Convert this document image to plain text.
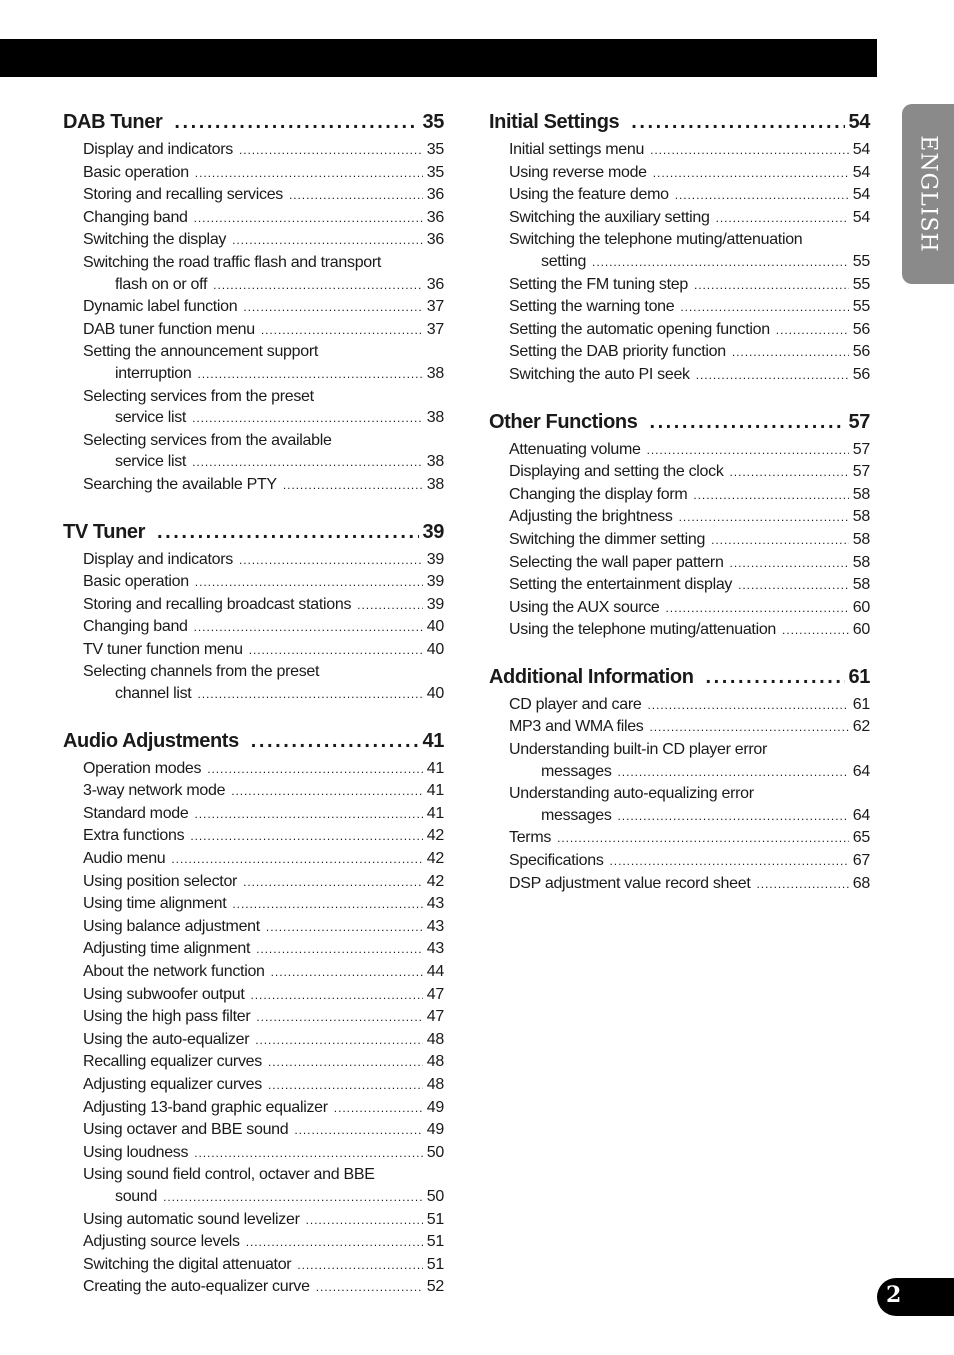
ENGLISH
DAB Tuner . . .	35
Display and indicators . . .	35
Basic operation . . .	35
Storing and recalling services . . .	36
Changing band . . .	36
Switching the display . . .	36
Switching the road traffic flash and transport
flash on or off . . .	36
Dynamic label function . . .	37
DAB tuner function menu . . .	37
Setting the announcement support
interruption . . .	38
Selecting services from the preset
service list . . .	38
Selecting services from the available
service list . . .	38
Searching the available PTY . . .	38
TV Tuner . . .	39
Display and indicators . . .	39
Basic operation . . .	39
Storing and recalling broadcast stations . . .	39
Changing band . . .	40
TV tuner function menu . . .	40
Selecting channels from the preset
channel list . . .	40
Audio Adjustments . . .	41
Operation modes . . .	41
3-way network mode . . .	41
Standard mode . . .	41
Extra functions . . .	42
Audio menu . . .	42
Using position selector . . .	42
Using time alignment . . .	43
Using balance adjustment . . .	43
Adjusting time alignment . . .	43
About the network function . . .	44
Using subwoofer output . . .	47
Using the high pass filter . . .	47
Using the auto-equalizer . . .	48
Recalling equalizer curves . . .	48
Adjusting equalizer curves . . .	48
Adjusting 13-band graphic equalizer . . .	49
Using octaver and BBE sound . . .	49
Using loudness . . .	50
Using sound field control, octaver and BBE
sound . . .	50
Using automatic sound levelizer . . .	51
Adjusting source levels . . .	51
Switching the digital attenuator . . .	51
Creating the auto-equalizer curve . . .	52
Initial Settings . . .	54
Initial settings menu . . .	54
Using reverse mode . . .	54
Using the feature demo . . .	54
Switching the auxiliary setting . . .	54
Switching the telephone muting/attenuation
setting . . .	55
Setting the FM tuning step . . .	55
Setting the warning tone . . .	55
Setting the automatic opening function . . .	56
Setting the DAB priority function . . .	56
Switching the auto PI seek . . .	56
Other Functions . . .	57
Attenuating volume . . .	57
Displaying and setting the clock . . .	57
Changing the display form . . .	58
Adjusting the brightness . . .	58
Switching the dimmer setting . . .	58
Selecting the wall paper pattern . . .	58
Setting the entertainment display . . .	58
Using the AUX source . . .	60
Using the telephone muting/attenuation . . .	60
Additional Information . . .	61
CD player and care . . .	61
MP3 and WMA files . . .	62
Understanding built-in CD player error
messages . . .	64
Understanding auto-equalizing error
messages . . .	64
Terms . . .	65
Specifications . . .	67
DSP adjustment value record sheet . . .	68
2
